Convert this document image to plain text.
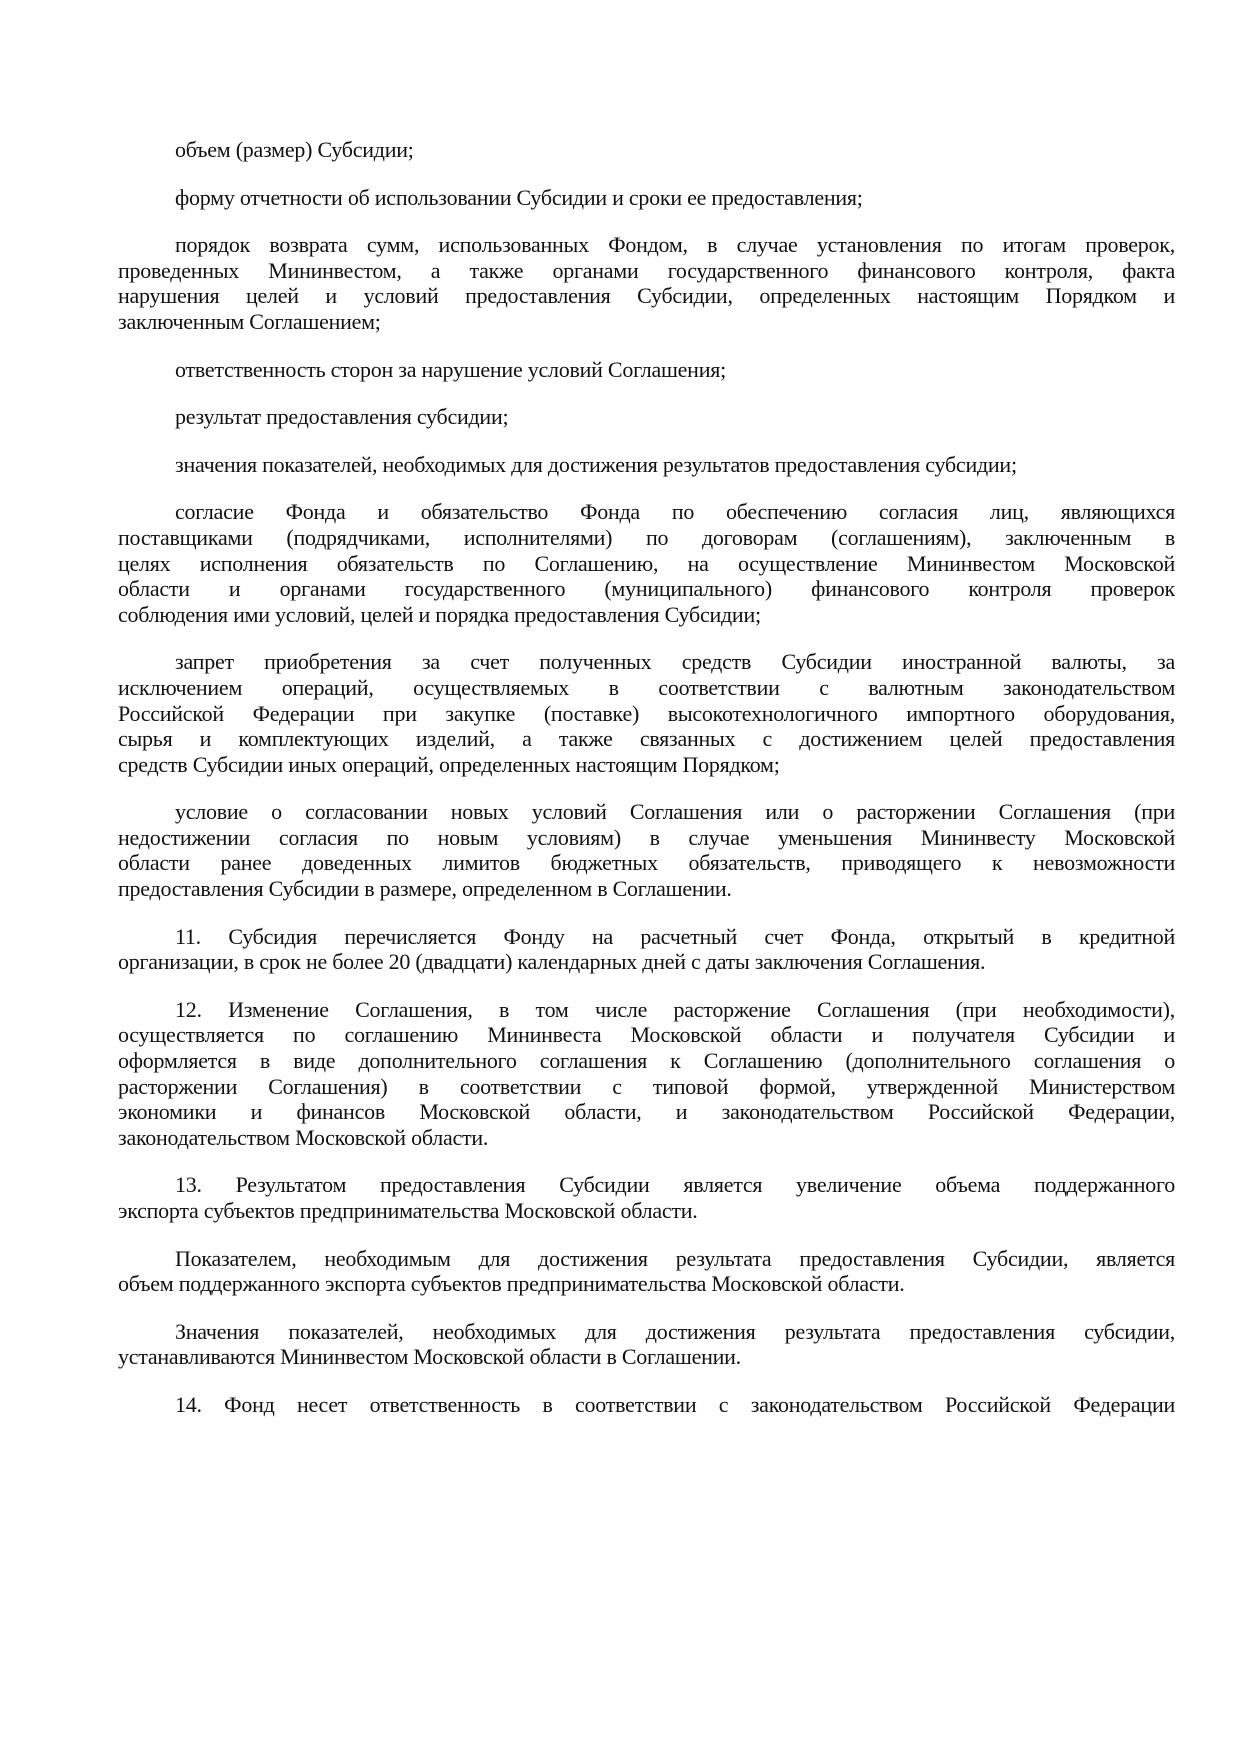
объем (размер) Субсидии;
форму отчетности об использовании Субсидии и сроки ее предоставления;
порядок возврата сумм, использованных Фондом, в случае установления по итогам проверок,
проведенных Мининвестом, а также органами государственного финансового контроля, факта
нарушения целей и условий предоставления Субсидии, определенных настоящим Порядком и
заключенным Соглашением;
ответственность сторон за нарушение условий Соглашения;
результат предоставления субсидии;
значения показателей, необходимых для достижения результатов предоставления субсидии;
согласие Фонда и обязательство Фонда по обеспечению согласия лиц, являющихся
поставщиками (подрядчиками, исполнителями) по договорам (соглашениям), заключенным в
целях исполнения обязательств по Соглашению, на осуществление Мининвестом Московской
области и органами государственного (муниципального) финансового контроля проверок
соблюдения ими условий, целей и порядка предоставления Субсидии;
запрет приобретения за счет полученных средств Субсидии иностранной валюты, за
исключением операций, осуществляемых в соответствии с валютным законодательством
Российской Федерации при закупке (поставке) высокотехнологичного импортного оборудования,
сырья и комплектующих изделий, а также связанных с достижением целей предоставления
средств Субсидии иных операций, определенных настоящим Порядком;
условие о согласовании новых условий Соглашения или о расторжении Соглашения (при
недостижении согласия по новым условиям) в случае уменьшения Мининвесту Московской
области ранее доведенных лимитов бюджетных обязательств, приводящего к невозможности
предоставления Субсидии в размере, определенном в Соглашении.
11. Субсидия перечисляется Фонду на расчетный счет Фонда, открытый в кредитной
организации, в срок не более 20 (двадцати) календарных дней с даты заключения Соглашения.
12. Изменение Соглашения, в том числе расторжение Соглашения (при необходимости),
осуществляется по соглашению Мининвеста Московской области и получателя Субсидии и
оформляется в виде дополнительного соглашения к Соглашению (дополнительного соглашения о
расторжении Соглашения) в соответствии с типовой формой, утвержденной Министерством
экономики и финансов Московской области, и законодательством Российской Федерации,
законодательством Московской области.
13. Результатом предоставления Субсидии является увеличение объема поддержанного
экспорта субъектов предпринимательства Московской области.
Показателем, необходимым для достижения результата предоставления Субсидии, является
объем поддержанного экспорта субъектов предпринимательства Московской области.
Значения показателей, необходимых для достижения результата предоставления субсидии,
устанавливаются Мининвестом Московской области в Соглашении.
14. Фонд несет ответственность в соответствии с законодательством Российской Федерации
